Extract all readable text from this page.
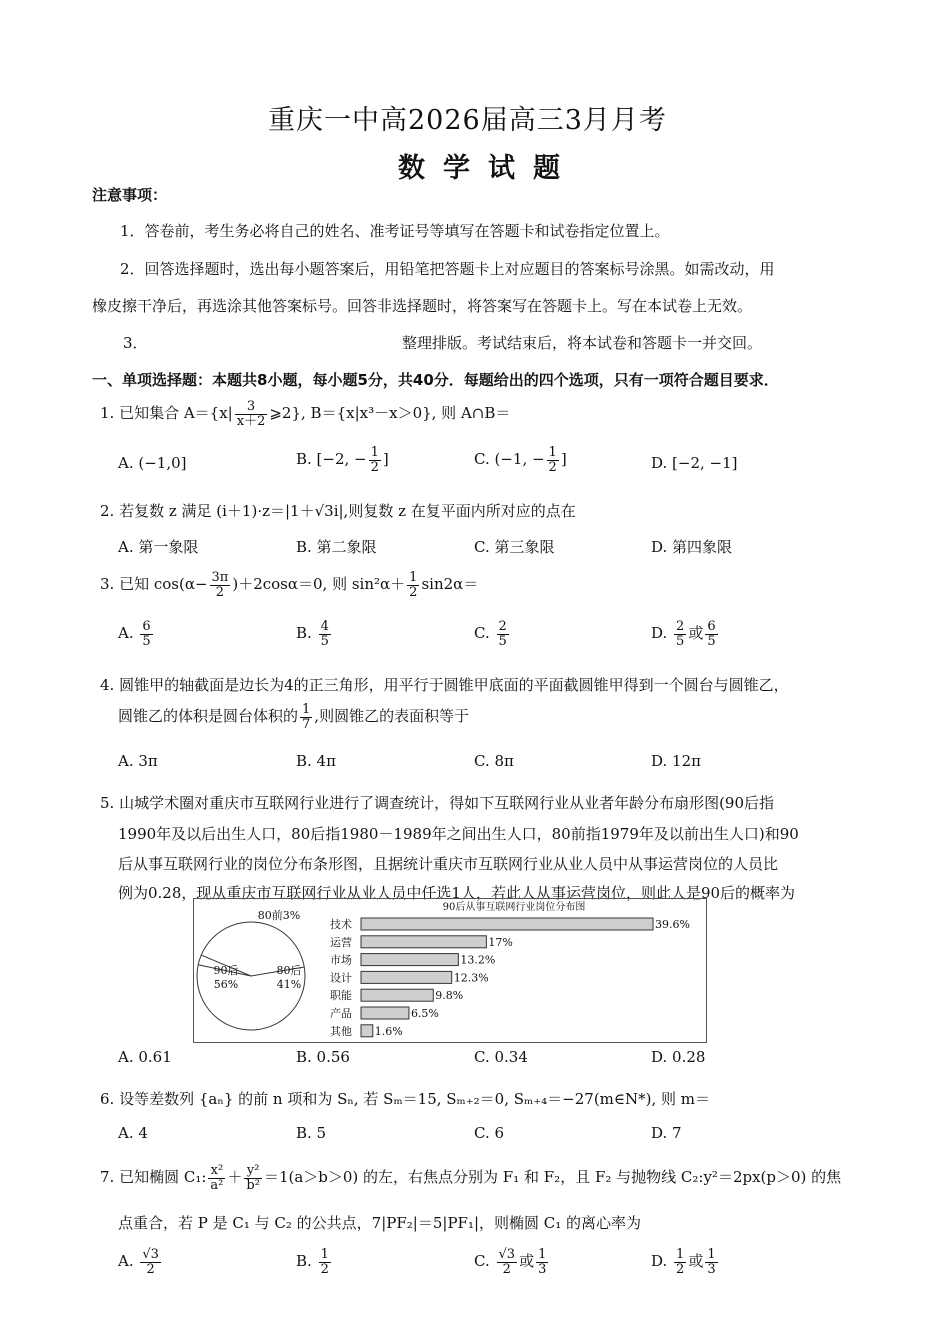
重庆一中高2026届高三3月月考
数学试题
注意事项：
1．答卷前，考生务必将自己的姓名、准考证号等填写在答题卡和试卷指定位置上。
2．回答选择题时，选出每小题答案后，用铅笔把答题卡上对应题目的答案标号涂黑。如需改动，用
橡皮擦干净后，再选涂其他答案标号。回答非选择题时，将答案写在答题卡上。写在本试卷上无效。
3．	整理排版。考试结束后，将本试卷和答题卡一并交回。
一、单项选择题：本题共8小题，每小题5分，共40分．每题给出的四个选项，只有一项符合题目要求．
1. 已知集合 $A=\{x| \frac{3}{x+2}$ ⩾2}, B＝{x|x³－x＞0}, 则 A∩B＝
A. (−1,0]	B. [−2, − $\frac{1}{2}$ ]	C. (−1, − $\frac{1}{2}$ ]	D. [−2, −1]
2. 若复数 z 满足 (i＋1)·z＝|1＋√3i|,则复数 z 在复平面内所对应的点在
A. 第一象限	B. 第二象限	C. 第三象限	D. 第四象限
3. 已知 $\cos(\alpha- \frac{3\pi}{2} )+2\cos\alpha=0$, 则 $\sin^2\alpha+ \frac{1}{2} \sin 2\alpha=$
A. $\frac{6}{5}$	B. $\frac{4}{5}$	C. $\frac{2}{5}$	D. $\frac{2}{5}$ 或 $\frac{6}{5}$
4. 圆锥甲的轴截面是边长为4的正三角形，用平行于圆锥甲底面的平面截圆锥甲得到一个圆台与圆锥乙，
圆锥乙的体积是圆台体积的 $\frac{1}{7}$ ,则圆锥乙的表面积等于
A. 3π	B. 4π	C. 8π	D. 12π
5. 山城学术圈对重庆市互联网行业进行了调查统计，得如下互联网行业从业者年龄分布扇形图(90后指
1990年及以后出生人口，80后指1980－1989年之间出生人口，80前指1979年及以前出生人口)和90
后从事互联网行业的岗位分布条形图，且据统计重庆市互联网行业从业人员中从事运营岗位的人员比
例为0.28，现从重庆市互联网行业从业人员中任选1人，若此人从事运营岗位，则此人是90后的概率为
90后
56%
80后
41%
80前3%
90后从事互联网行业岗位分布图
技术	39.6%
运营	17%
市场	13.2%
设计	12.3%
职能	9.8%
产品	6.5%
其他 1.6%
A. 0.61	B. 0.56	C. 0.34	D. 0.28
6. 设等差数列 {aₙ} 的前 n 项和为 Sₙ, 若 Sₘ＝15, Sₘ₊₂＝0, Sₘ₊₄＝−27(m∈N*), 则 m＝
A. 4	B. 5	C. 6	D. 7
7. 已知椭圆 C₁: $\frac{\text{x²}}{\text{a²}} + \frac{\text{y²}}{\text{b²}} =1(a>b>0)$ 的左，右焦点分别为 F₁ 和 F₂，且 F₂ 与抛物线 C₂:y²＝2px(p＞0) 的焦
点重合，若 P 是 C₁ 与 C₂ 的公共点，7|PF₂|＝5|PF₁|，则椭圆 C₁ 的离心率为
A. $\frac{√3}{2}$	B. $\frac{1}{2}$	C. $\frac{√3}{2}$ 或 $\frac{1}{3}$	D. $\frac{1}{2}$ 或 $\frac{1}{3}$
